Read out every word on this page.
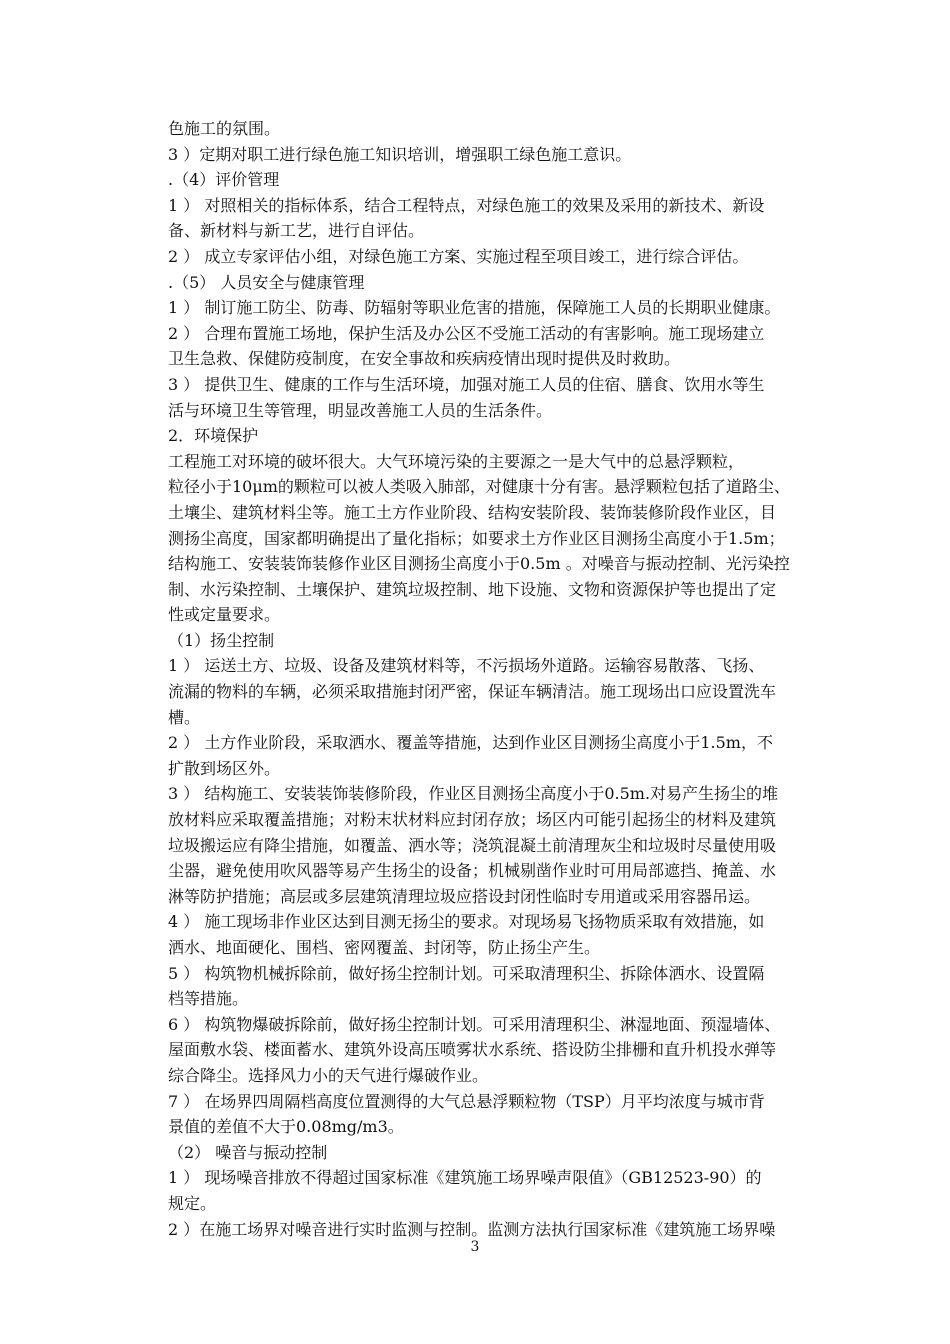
色施工的氛围。
3 ）定期对职工进行绿色施工知识培训，增强职工绿色施工意识。
.（4）评价管理
1 ） 对照相关的指标体系，结合工程特点，对绿色施工的效果及采用的新技术、新设
备、新材料与新工艺，进行自评估。
2 ） 成立专家评估小组，对绿色施工方案、实施过程至项目竣工，进行综合评估。
.（5） 人员安全与健康管理
1 ） 制订施工防尘、防毒、防辐射等职业危害的措施，保障施工人员的长期职业健康。
2 ） 合理布置施工场地，保护生活及办公区不受施工活动的有害影响。施工现场建立
卫生急救、保健防疫制度，在安全事故和疾病疫情出现时提供及时救助。
3 ） 提供卫生、健康的工作与生活环境，加强对施工人员的住宿、膳食、饮用水等生
活与环境卫生等管理，明显改善施工人员的生活条件。
2．环境保护
工程施工对环境的破坏很大。大气环境污染的主要源之一是大气中的总悬浮颗粒，
粒径小于10μm的颗粒可以被人类吸入肺部，对健康十分有害。悬浮颗粒包括了道路尘、
土壤尘、建筑材料尘等。施工土方作业阶段、结构安装阶段、装饰装修阶段作业区，目
测扬尘高度，国家都明确提出了量化指标；如要求土方作业区目测扬尘高度小于1.5m；
结构施工、安装装饰装修作业区目测扬尘高度小于0.5m 。对噪音与振动控制、光污染控
制、水污染控制、土壤保护、建筑垃圾控制、地下设施、文物和资源保护等也提出了定
性或定量要求。
（1）扬尘控制
1 ） 运送土方、垃圾、设备及建筑材料等，不污损场外道路。运输容易散落、飞扬、
流漏的物料的车辆，必须采取措施封闭严密，保证车辆清洁。施工现场出口应设置洗车
槽。
2 ） 土方作业阶段，采取洒水、覆盖等措施，达到作业区目测扬尘高度小于1.5m，不
扩散到场区外。
3 ） 结构施工、安装装饰装修阶段，作业区目测扬尘高度小于0.5m.对易产生扬尘的堆
放材料应采取覆盖措施；对粉末状材料应封闭存放；场区内可能引起扬尘的材料及建筑
垃圾搬运应有降尘措施，如覆盖、洒水等；浇筑混凝土前清理灰尘和垃圾时尽量使用吸
尘器，避免使用吹风器等易产生扬尘的设备；机械剔凿作业时可用局部遮挡、掩盖、水
淋等防护措施；高层或多层建筑清理垃圾应搭设封闭性临时专用道或采用容器吊运。
4 ） 施工现场非作业区达到目测无扬尘的要求。对现场易飞扬物质采取有效措施，如
洒水、地面硬化、围档、密网覆盖、封闭等，防止扬尘产生。
5 ） 构筑物机械拆除前，做好扬尘控制计划。可采取清理积尘、拆除体洒水、设置隔
档等措施。
6 ） 构筑物爆破拆除前，做好扬尘控制计划。可采用清理积尘、淋湿地面、预湿墙体、
屋面敷水袋、楼面蓄水、建筑外设高压喷雾状水系统、搭设防尘排栅和直升机投水弹等
综合降尘。选择风力小的天气进行爆破作业。
7 ） 在场界四周隔档高度位置测得的大气总悬浮颗粒物（TSP）月平均浓度与城市背
景值的差值不大于0.08mg/m3。
（2） 噪音与振动控制
1 ） 现场噪音排放不得超过国家标准《建筑施工场界噪声限值》（GB12523-90）的
规定。
2 ）在施工场界对噪音进行实时监测与控制。监测方法执行国家标准《建筑施工场界噪
3
